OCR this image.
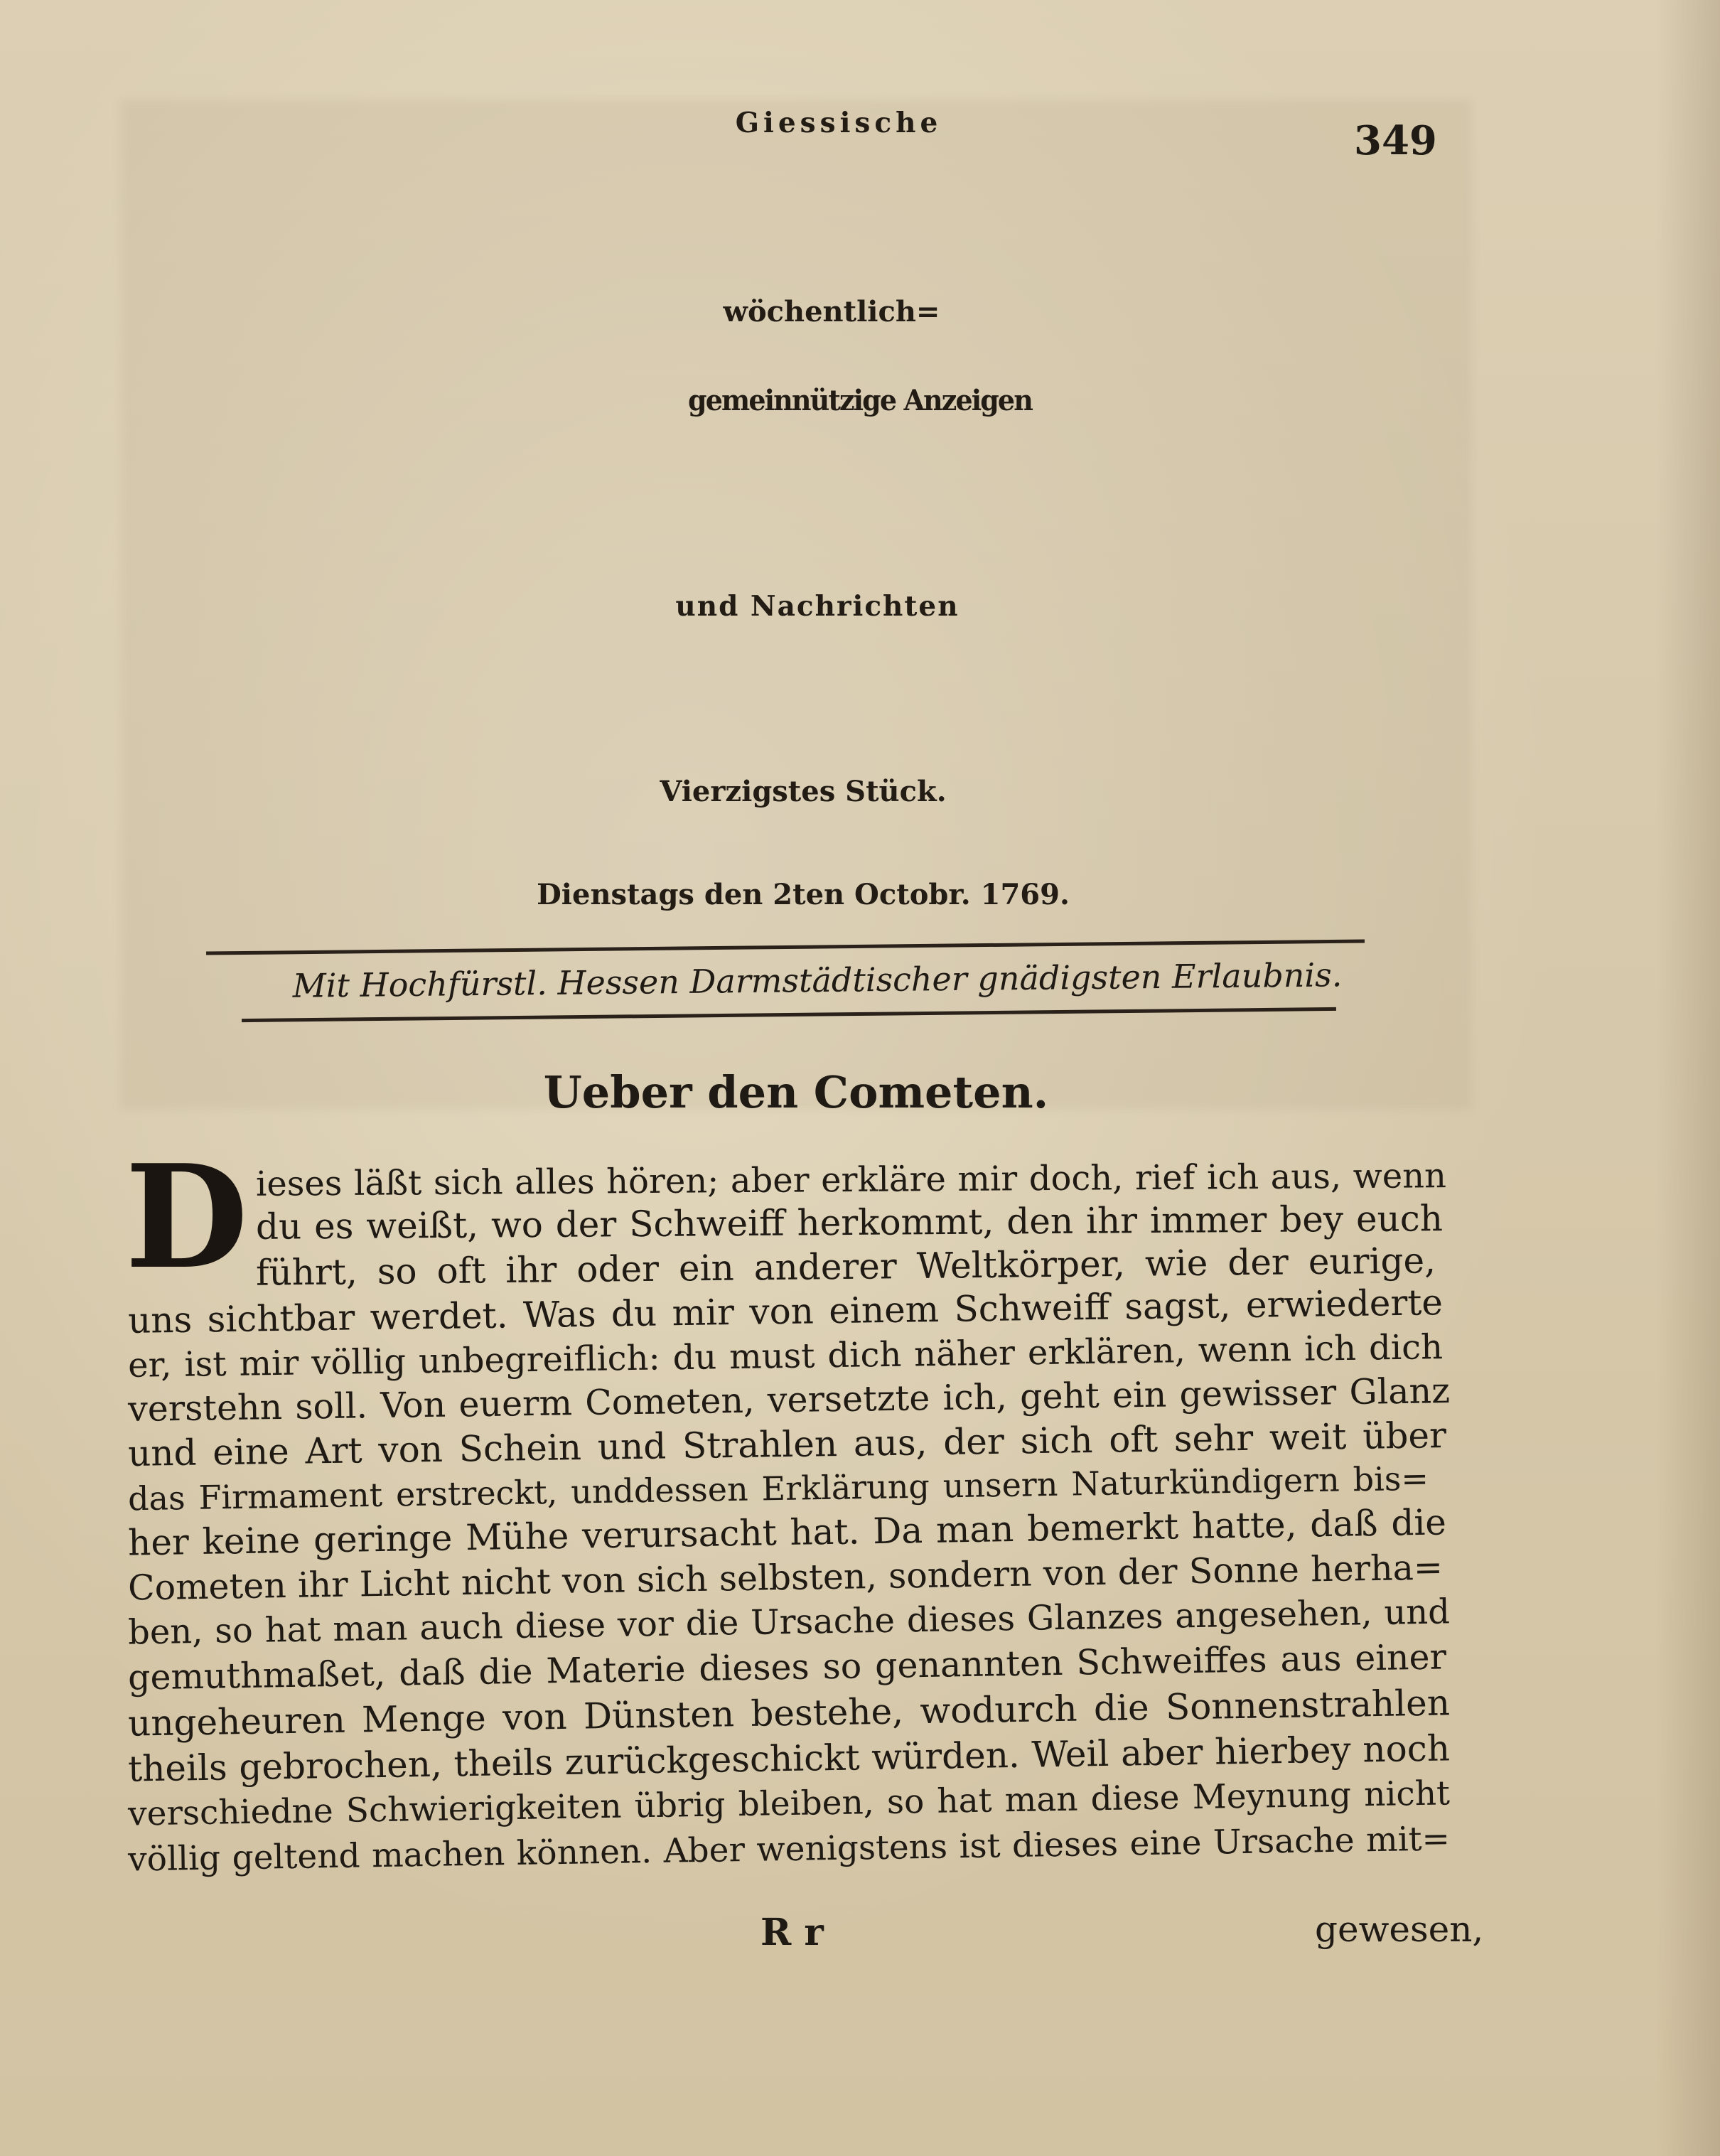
349
Giessische
wöchentlich=
gemeinnützige Anzeigen
und Nachrichten
Vierzigstes Stück.
Dienstags den 2ten Octobr. 1769.
Mit Hochfürstl. Hessen Darmstädtischer gnädigsten Erlaubnis.
Ueber den Cometen.
D ieses läßt sich alles hören; aber erkläre mir doch, rief ich aus, wenn
du es weißt, wo der Schweiff herkommt, den ihr immer bey euch
führt, so oft ihr oder ein anderer Weltkörper, wie der eurige,
uns sichtbar werdet. Was du mir von einem Schweiff sagst, erwiederte
er, ist mir völlig unbegreiflich: du must dich näher erklären, wenn ich dich
verstehn soll. Von euerm Cometen, versetzte ich, geht ein gewisser Glanz
und eine Art von Schein und Strahlen aus, der sich oft sehr weit über
das Firmament erstreckt, unddessen Erklärung unsern Naturkündigern bis=
her keine geringe Mühe verursacht hat. Da man bemerkt hatte, daß die
Cometen ihr Licht nicht von sich selbsten, sondern von der Sonne herha=
ben, so hat man auch diese vor die Ursache dieses Glanzes angesehen, und
gemuthmaßet, daß die Materie dieses so genannten Schweiffes aus einer
ungeheuren Menge von Dünsten bestehe, wodurch die Sonnenstrahlen
theils gebrochen, theils zurückgeschickt würden. Weil aber hierbey noch
verschiedne Schwierigkeiten übrig bleiben, so hat man diese Meynung nicht
völlig geltend machen können. Aber wenigstens ist dieses eine Ursache mit=
R r	gewesen,
